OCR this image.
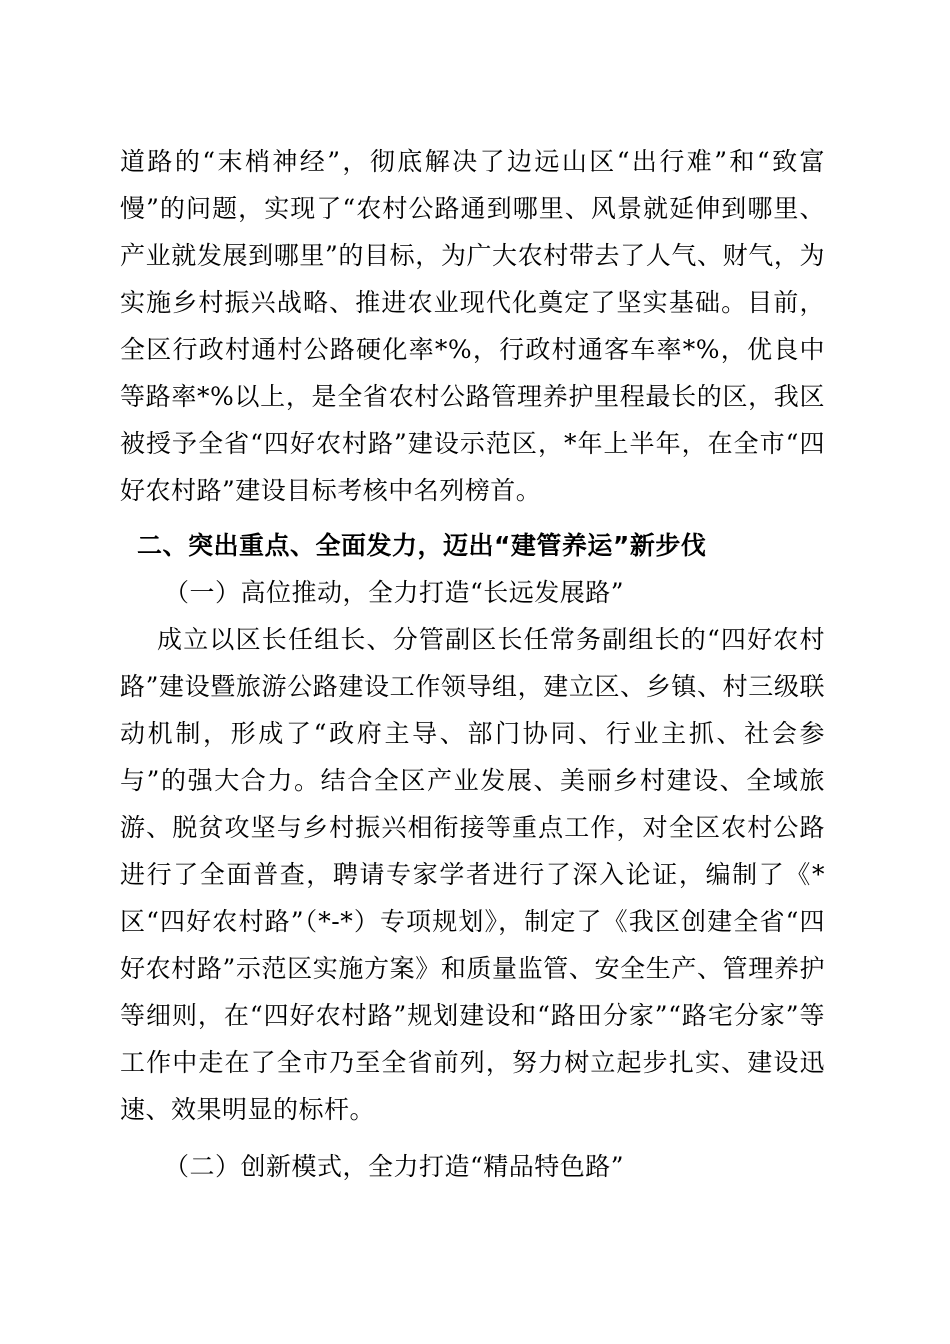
道路的“末梢神经”，彻底解决了边远山区“出行难”和“致富慢”的问题，实现了“农村公路通到哪里、风景就延伸到哪里、产业就发展到哪里”的目标，为广大农村带去了人气、财气，为实施乡村振兴战略、推进农业现代化奠定了坚实基础。目前，全区行政村通村公路硬化率*%，行政村通客车率*%，优良中等路率*%以上，是全省农村公路管理养护里程最长的区，我区被授予全省“四好农村路”建设示范区，*年上半年，在全市“四好农村路”建设目标考核中名列榜首。

二、突出重点、全面发力，迈出“建管养运”新步伐

（一）高位推动，全力打造“长远发展路”

成立以区长任组长、分管副区长任常务副组长的“四好农村路”建设暨旅游公路建设工作领导组，建立区、乡镇、村三级联动机制，形成了“政府主导、部门协同、行业主抓、社会参与”的强大合力。结合全区产业发展、美丽乡村建设、全域旅游、脱贫攻坚与乡村振兴相衔接等重点工作，对全区农村公路进行了全面普查，聘请专家学者进行了深入论证，编制了《*区“四好农村路”（*-*）专项规划》，制定了《我区创建全省“四好农村路”示范区实施方案》和质量监管、安全生产、管理养护等细则，在“四好农村路”规划建设和“路田分家”“路宅分家”等工作中走在了全市乃至全省前列，努力树立起步扎实、建设迅速、效果明显的标杆。

（二）创新模式，全力打造“精品特色路”
